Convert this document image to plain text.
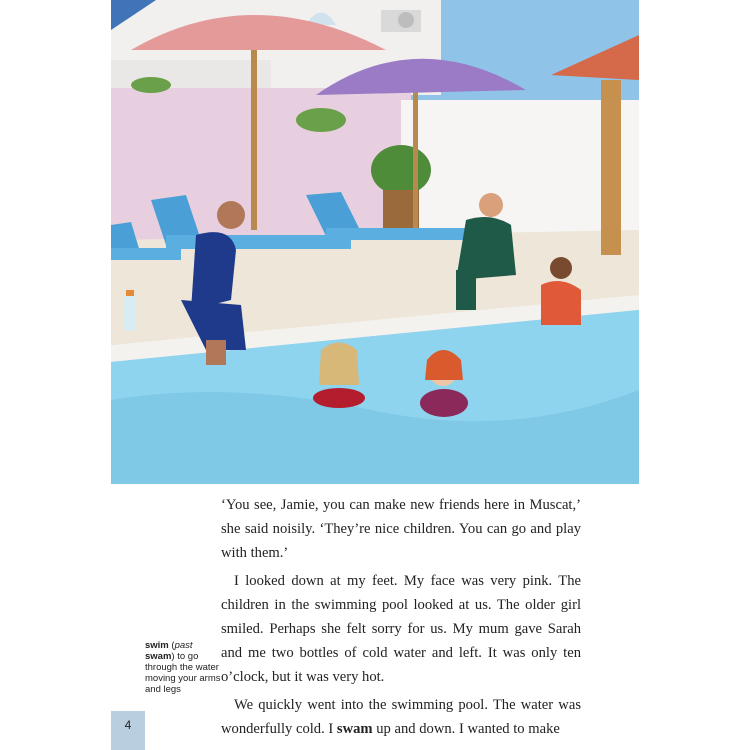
‘You see, Jamie, you can make new friends here in Muscat,’ she said noisily. ‘They’re nice children. You can go and play with them.’

I looked down at my feet. My face was very pink. The children in the swimming pool looked at us. The older girl smiled. Perhaps she felt sorry for us. My mum gave Sarah and me two bottles of cold water and left. It was only ten o’clock, but it was very hot.

We quickly went into the swimming pool. The water was wonderfully cold. I swam up and down. I wanted to make

swim (past
swam) to go through the water moving your arms and legs
4
